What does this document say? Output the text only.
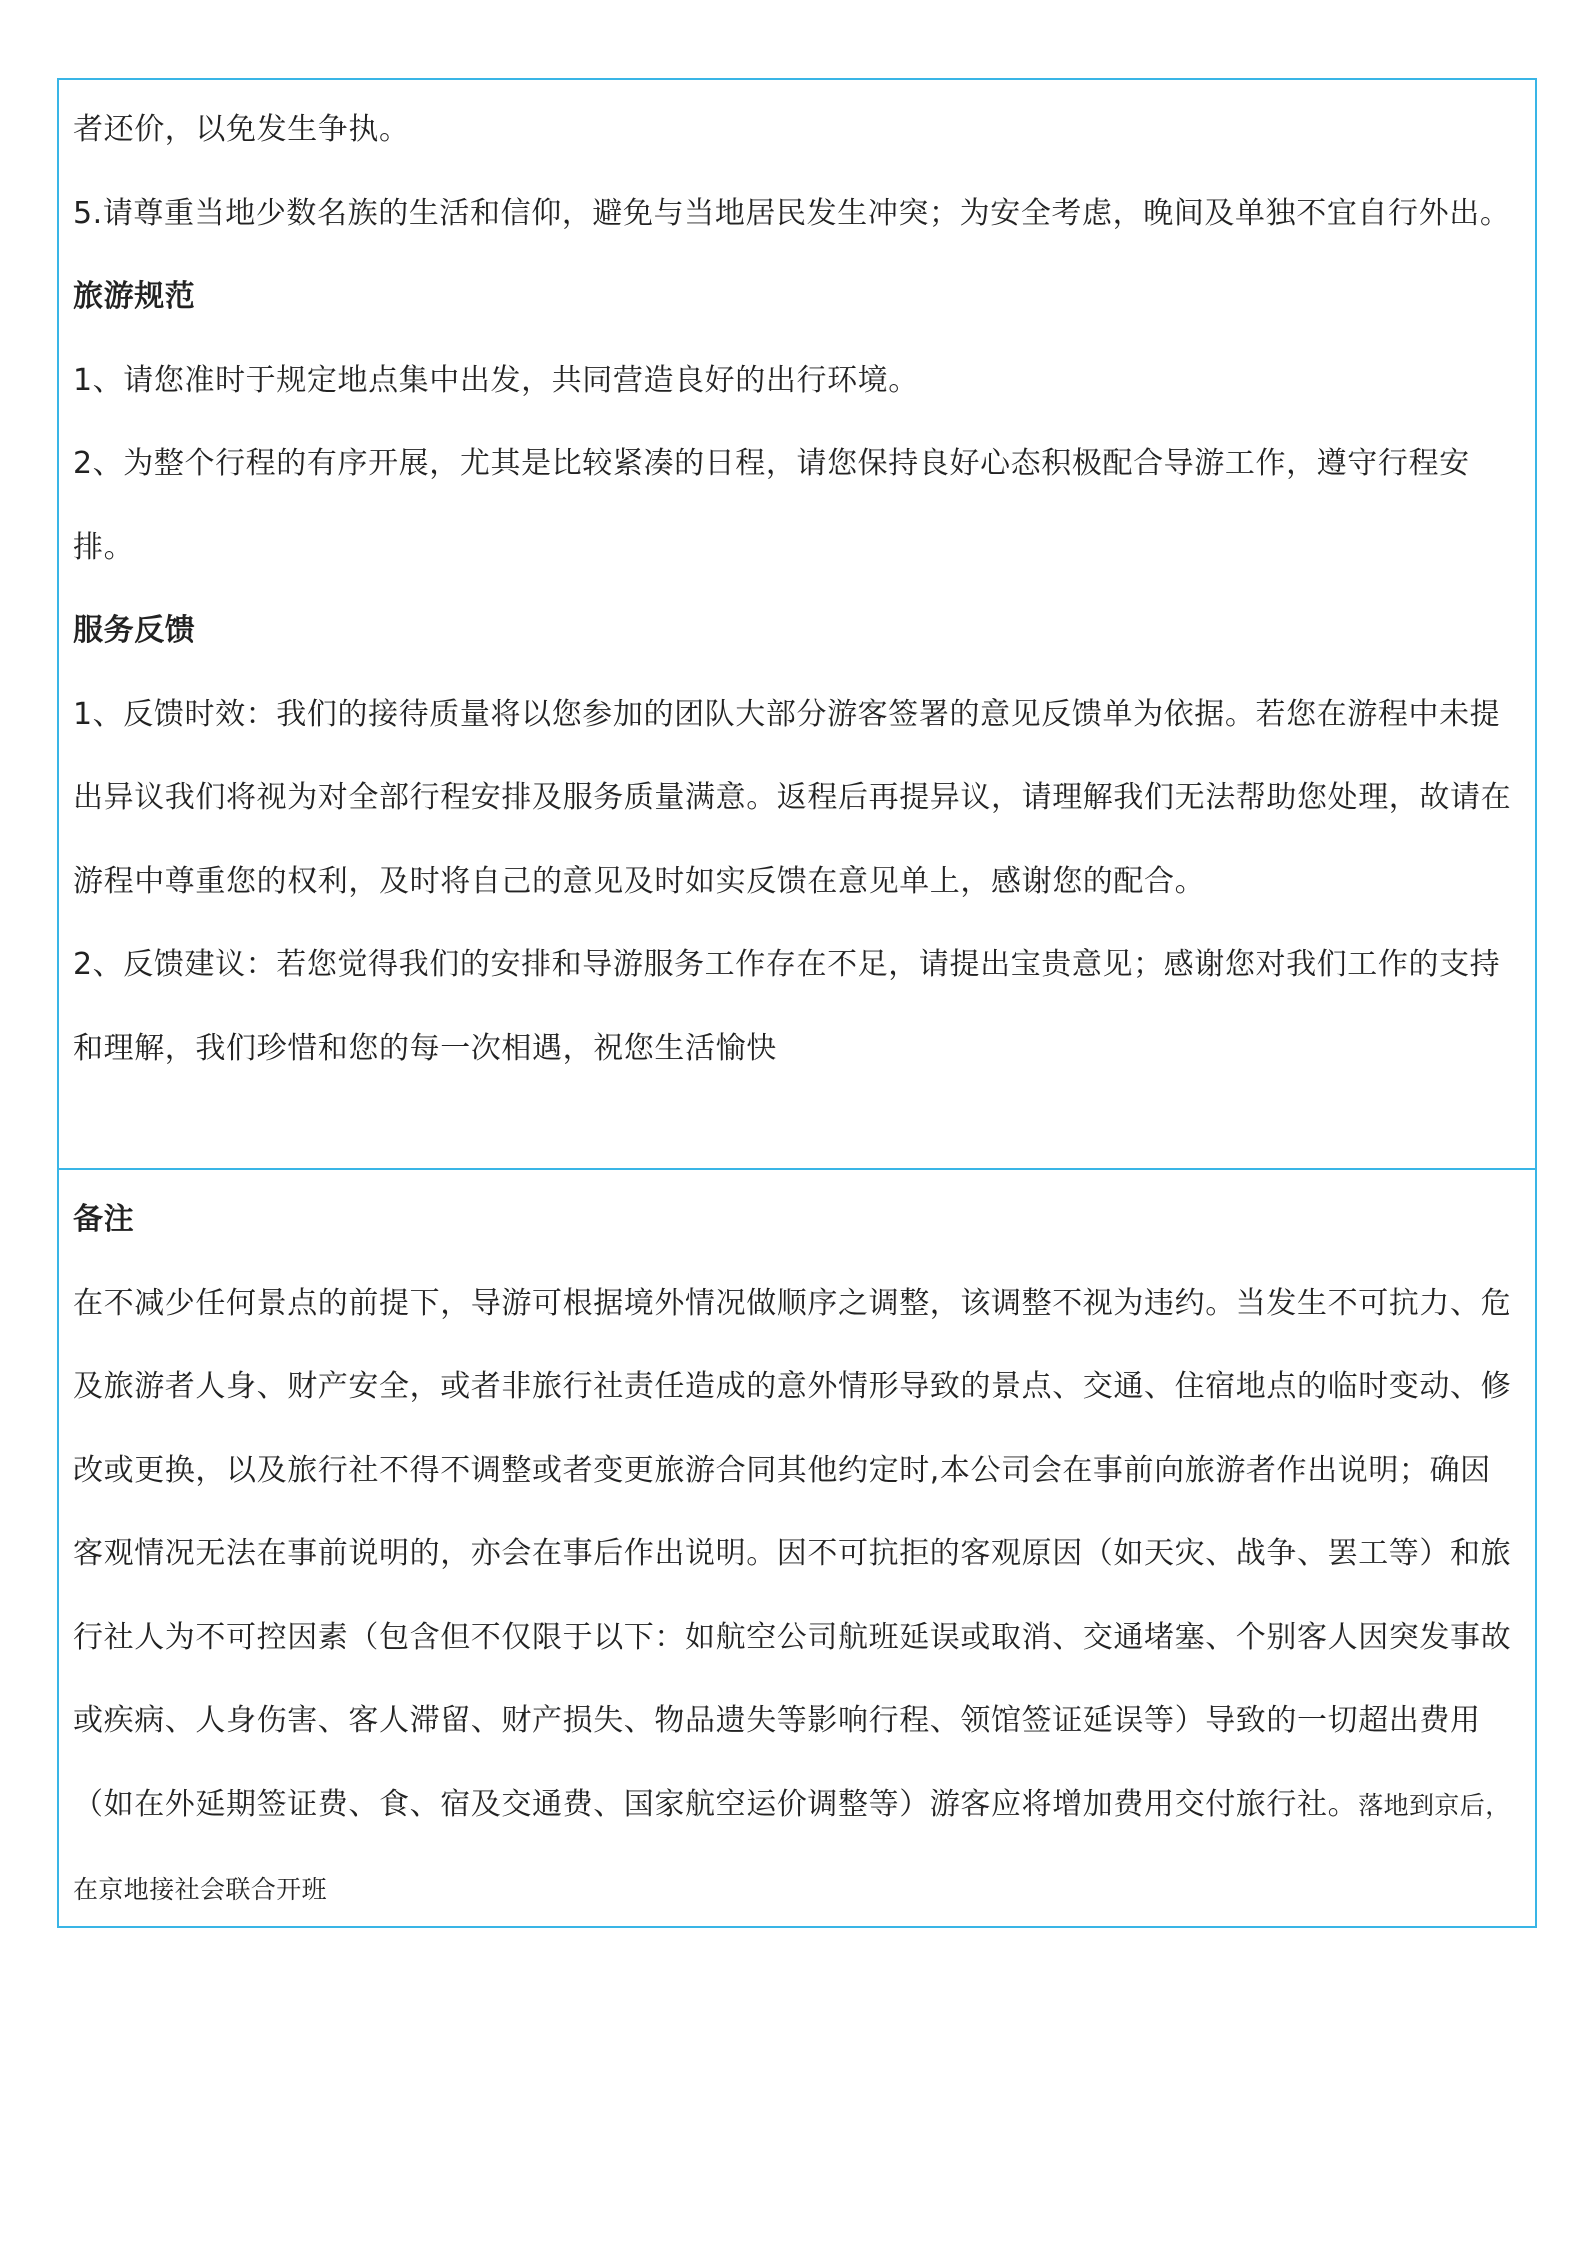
者还价，以免发生争执。

5.请尊重当地少数名族的生活和信仰，避免与当地居民发生冲突；为安全考虑，晚间及单独不宜自行外出。

旅游规范

1、请您准时于规定地点集中出发，共同营造良好的出行环境。

2、为整个行程的有序开展，尤其是比较紧凑的日程，请您保持良好心态积极配合导游工作，遵守行程安排。

服务反馈

1、反馈时效：我们的接待质量将以您参加的团队大部分游客签署的意见反馈单为依据。若您在游程中未提出异议我们将视为对全部行程安排及服务质量满意。返程后再提异议，请理解我们无法帮助您处理，故请在游程中尊重您的权利，及时将自己的意见及时如实反馈在意见单上，感谢您的配合。

2、反馈建议：若您觉得我们的安排和导游服务工作存在不足，请提出宝贵意见；感谢您对我们工作的支持和理解，我们珍惜和您的每一次相遇，祝您生活愉快

备注

在不减少任何景点的前提下，导游可根据境外情况做顺序之调整，该调整不视为违约。当发生不可抗力、危及旅游者人身、财产安全，或者非旅行社责任造成的意外情形导致的景点、交通、住宿地点的临时变动、修改或更换，以及旅行社不得不调整或者变更旅游合同其他约定时,本公司会在事前向旅游者作出说明；确因客观情况无法在事前说明的，亦会在事后作出说明。因不可抗拒的客观原因（如天灾、战争、罢工等）和旅行社人为不可控因素（包含但不仅限于以下：如航空公司航班延误或取消、交通堵塞、个别客人因突发事故或疾病、人身伤害、客人滞留、财产损失、物品遗失等影响行程、领馆签证延误等）导致的一切超出费用（如在外延期签证费、食、宿及交通费、国家航空运价调整等）游客应将增加费用交付旅行社。落地到京后，在京地接社会联合开班
